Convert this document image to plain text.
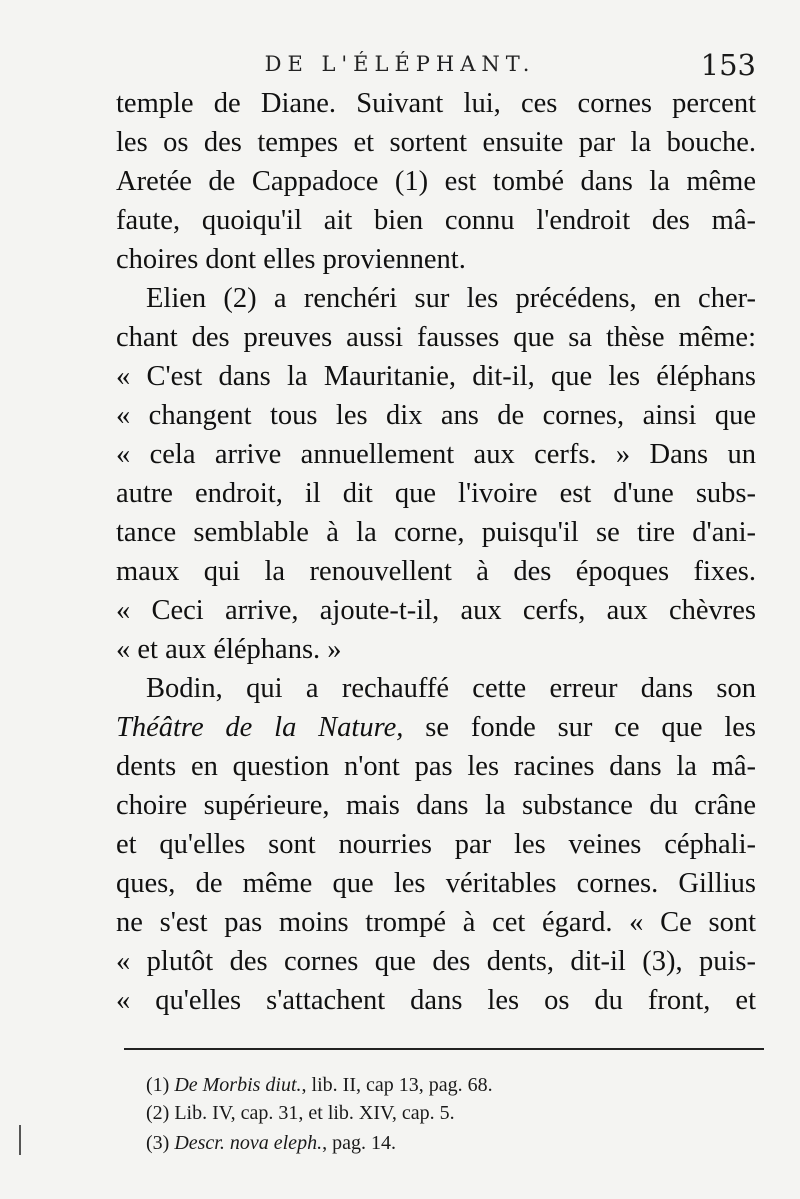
DE L'ÉLÉPHANT.	153
temple de Diane. Suivant lui, ces cornes percent
les os des tempes et sortent ensuite par la bouche.
Aretée de Cappadoce (1) est tombé dans la même
faute, quoiqu'il ait bien connu l'endroit des mâ-
choires dont elles proviennent.
Elien (2) a renchéri sur les précédens, en cher-
chant des preuves aussi fausses que sa thèse même:
« C'est dans la Mauritanie, dit-il, que les éléphans
« changent tous les dix ans de cornes, ainsi que
« cela arrive annuellement aux cerfs. » Dans un
autre endroit, il dit que l'ivoire est d'une subs-
tance semblable à la corne, puisqu'il se tire d'ani-
maux qui la renouvellent à des époques fixes.
« Ceci arrive, ajoute-t-il, aux cerfs, aux chèvres
« et aux éléphans. »
Bodin, qui a rechauffé cette erreur dans son
Théâtre de la Nature, se fonde sur ce que les
dents en question n'ont pas les racines dans la mâ-
choire supérieure, mais dans la substance du crâne
et qu'elles sont nourries par les veines céphali-
ques, de même que les véritables cornes. Gillius
ne s'est pas moins trompé à cet égard. « Ce sont
« plutôt des cornes que des dents, dit-il (3), puis-
« qu'elles s'attachent dans les os du front, et
(1) De Morbis diut., lib. II, cap 13, pag. 68.
(2) Lib. IV, cap. 31, et lib. XIV, cap. 5.
(3) Descr. nova eleph., pag. 14.
